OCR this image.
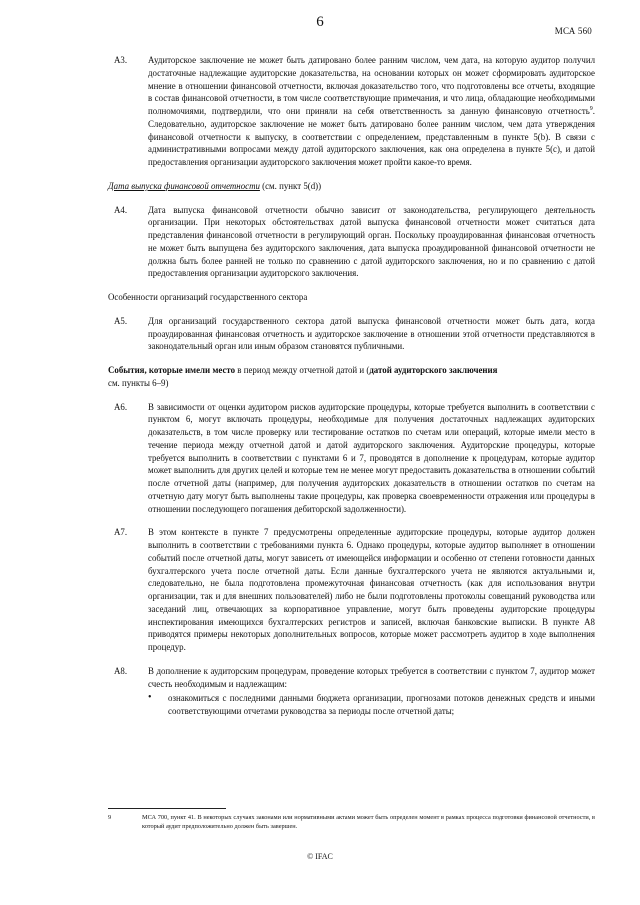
6
МСА 560
A3.	Аудиторское заключение не может быть датировано более ранним числом, чем дата, на которую аудитор получил достаточные надлежащие аудиторские доказательства, на основании которых он может сформировать аудиторское мнение в отношении финансовой отчетности, включая доказательство того, что подготовлены все отчеты, входящие в состав финансовой отчетности, в том числе соответствующие примечания, и что лица, обладающие необходимыми полномочиями, подтвердили, что они приняли на себя ответственность за данную финансовую отчетность$^9$. Следовательно, аудиторское заключение не может быть датировано более ранним числом, чем дата утверждения финансовой отчетности к выпуску, в соответствии с определением, представленным в пункте 5(b). В связи с административными вопросами между датой аудиторского заключения, как она определена в пункте 5(c), и датой предоставления организации аудиторского заключения может пройти какое-то время.
Дата выпуска финансовой отчетности (см. пункт 5(d))
A4.	Дата выпуска финансовой отчетности обычно зависит от законодательства, регулирующего деятельность организации. При некоторых обстоятельствах датой выпуска финансовой отчетности может считаться дата представления финансовой отчетности в регулирующий орган. Поскольку проаудированная финансовая отчетность не может быть выпущена без аудиторского заключения, дата выпуска проаудированной финансовой отчетности не должна быть более ранней не только по сравнению с датой аудиторского заключения, но и по сравнению с датой предоставления организации аудиторского заключения.
Особенности организаций государственного сектора
A5.	Для организаций государственного сектора датой выпуска финансовой отчетности может быть дата, когда проаудированная финансовая отчетность и аудиторское заключение в отношении этой отчетности представляются в законодательный орган или иным образом становятся публичными.
События, которые имели место в период между отчетной датой и (датой аудиторского заключения
см. пункты 6–9)
A6.	В зависимости от оценки аудитором рисков аудиторские процедуры, которые требуется выполнить в соответствии с пунктом 6, могут включать процедуры, необходимые для получения достаточных надлежащих аудиторских доказательств, в том числе проверку или тестирование остатков по счетам или операций, которые имели место в течение периода между отчетной датой и датой аудиторского заключения. Аудиторские процедуры, которые требуется выполнить в соответствии с пунктами 6 и 7, проводятся в дополнение к процедурам, которые аудитор может выполнить для других целей и которые тем не менее могут предоставить доказательства в отношении событий после отчетной даты (например, для получения аудиторских доказательств в отношении остатков по счетам на отчетную дату могут быть выполнены такие процедуры, как проверка своевременности отражения или процедуры в отношении последующего погашения дебиторской задолженности).
A7.	В этом контексте в пункте 7 предусмотрены определенные аудиторские процедуры, которые аудитор должен выполнить в соответствии с требованиями пункта 6. Однако процедуры, которые аудитор выполняет в отношении событий после отчетной даты, могут зависеть от имеющейся информации и особенно от степени готовности данных бухгалтерского учета после отчетной даты. Если данные бухгалтерского учета не являются актуальными и, следовательно, не была подготовлена промежуточная финансовая отчетность (как для использования внутри организации, так и для внешних пользователей) либо не были подготовлены протоколы совещаний руководства или заседаний лиц, отвечающих за корпоративное управление, могут быть проведены аудиторские процедуры инспектирования имеющихся бухгалтерских регистров и записей, включая банковские выписки. В пункте A8 приводятся примеры некоторых дополнительных вопросов, которые может рассмотреть аудитор в ходе выполнения процедур.
A8.	В дополнение к аудиторским процедурам, проведение которых требуется в соответствии с пунктом 7, аудитор может счесть необходимым и надлежащим:
•	ознакомиться с последними данными бюджета организации, прогнозами потоков денежных средств и иными соответствующими отчетами руководства за периоды после отчетной даты;
9	МСА 700, пункт 41. В некоторых случаях законами или нормативными актами может быть определен момент в рамках процесса подготовки финансовой отчетности, в который аудит предположительно должен быть завершен.
© IFAC
